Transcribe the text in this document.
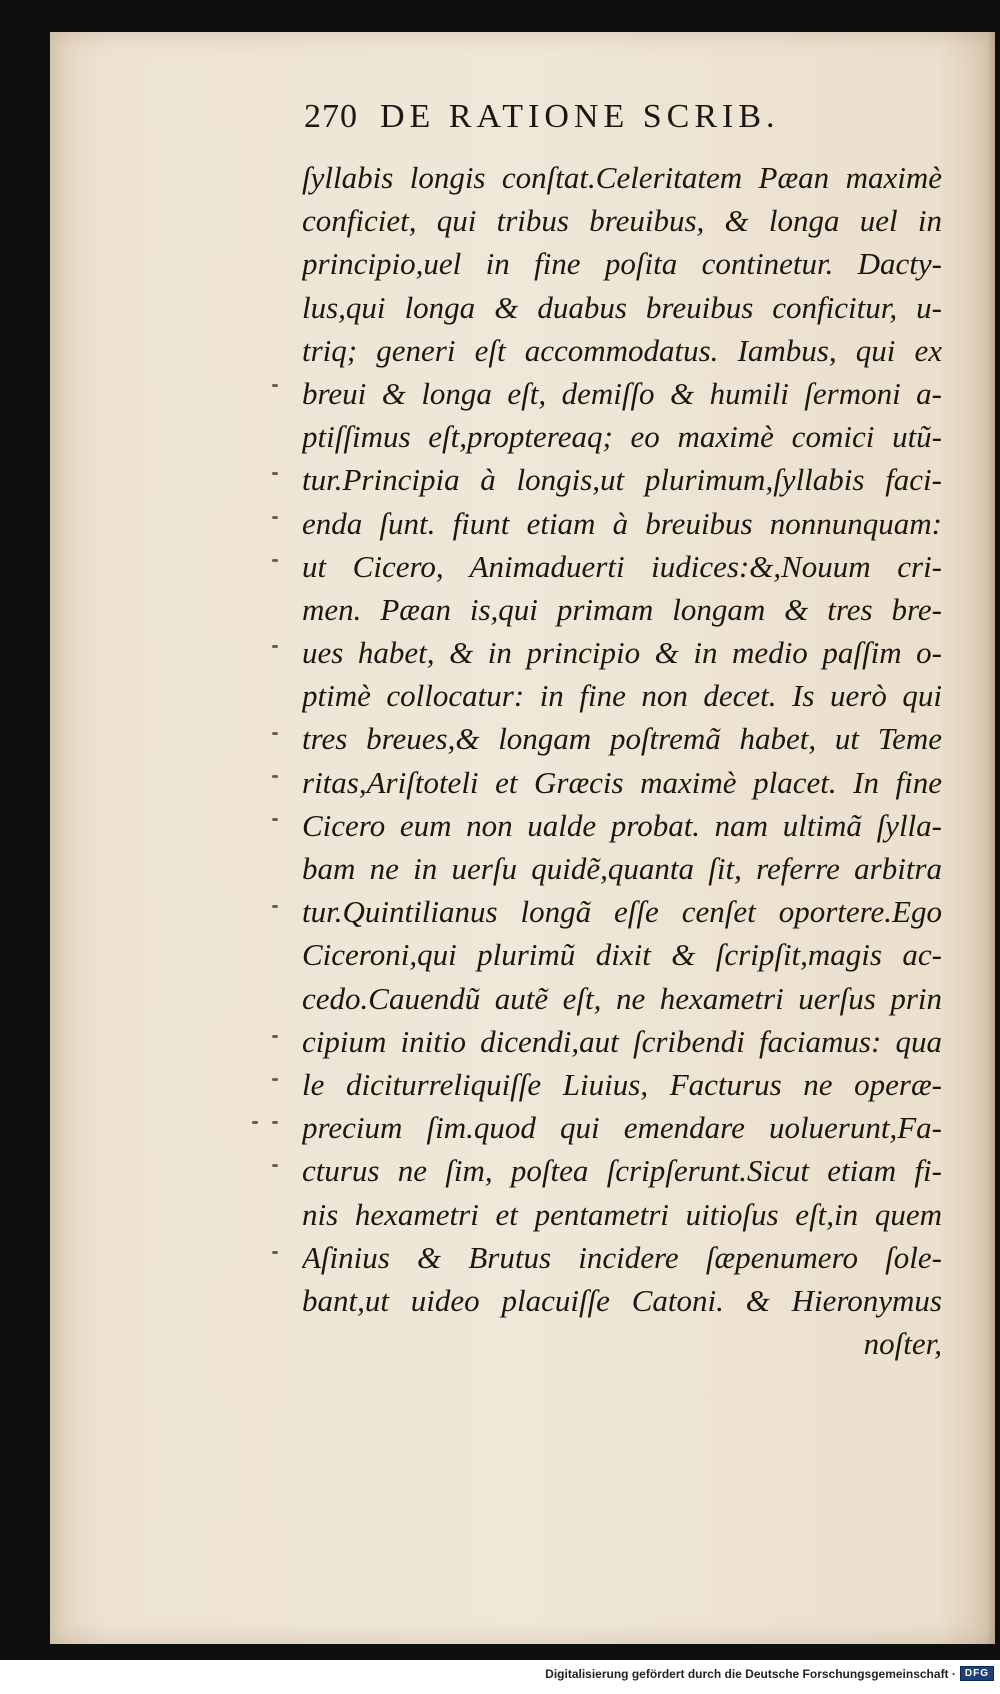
270 DE RATIONE SCRIB.
ſyllabis longis conſtat.Celeritatem Pæan maximè
conficiet, qui tribus breuibus, & longa uel in
principio,uel in fine poſita continetur. Dacty-
lus,qui longa & duabus breuibus conficitur, u-
triq; generi eſt accommodatus. Iambus, qui ex
breui & longa eſt, demiſſo & humili ſermoni a-
ptiſſimus eſt,proptereaq; eo maximè comici utũ-
tur.Principia à longis,ut plurimum,ſyllabis faci-
enda ſunt. fiunt etiam à breuibus nonnunquam:
ut Cicero, Animaduerti iudices:&,Nouum cri-
men. Pæan is,qui primam longam & tres bre-
ues habet, & in principio & in medio paſſim o-
ptimè collocatur: in fine non decet. Is uerò qui
tres breues,& longam poſtremã habet, ut Teme
ritas,Ariſtoteli et Græcis maximè placet. In fine
Cicero eum non ualde probat. nam ultimã ſylla-
bam ne in uerſu quidẽ,quanta ſit, referre arbitra
tur.Quintilianus longã eſſe cenſet oportere.Ego
Ciceroni,qui plurimũ dixit & ſcripſit,magis ac-
cedo.Cauendũ autẽ eſt, ne hexametri uerſus prin
cipium initio dicendi,aut ſcribendi faciamus: qua
le diciturreliquiſſe Liuius, Facturus ne operæ-
precium ſim.quod qui emendare uoluerunt,Fa-
cturus ne ſim, poſtea ſcripſerunt.Sicut etiam fi-
nis hexametri et pentametri uitioſus eſt,in quem
Aſinius & Brutus incidere ſæpenumero ſole-
bant,ut uideo placuiſſe Catoni. & Hieronymus
noſter,
Digitalisierung gefördert durch die Deutsche Forschungsgemeinschaft · DFG
